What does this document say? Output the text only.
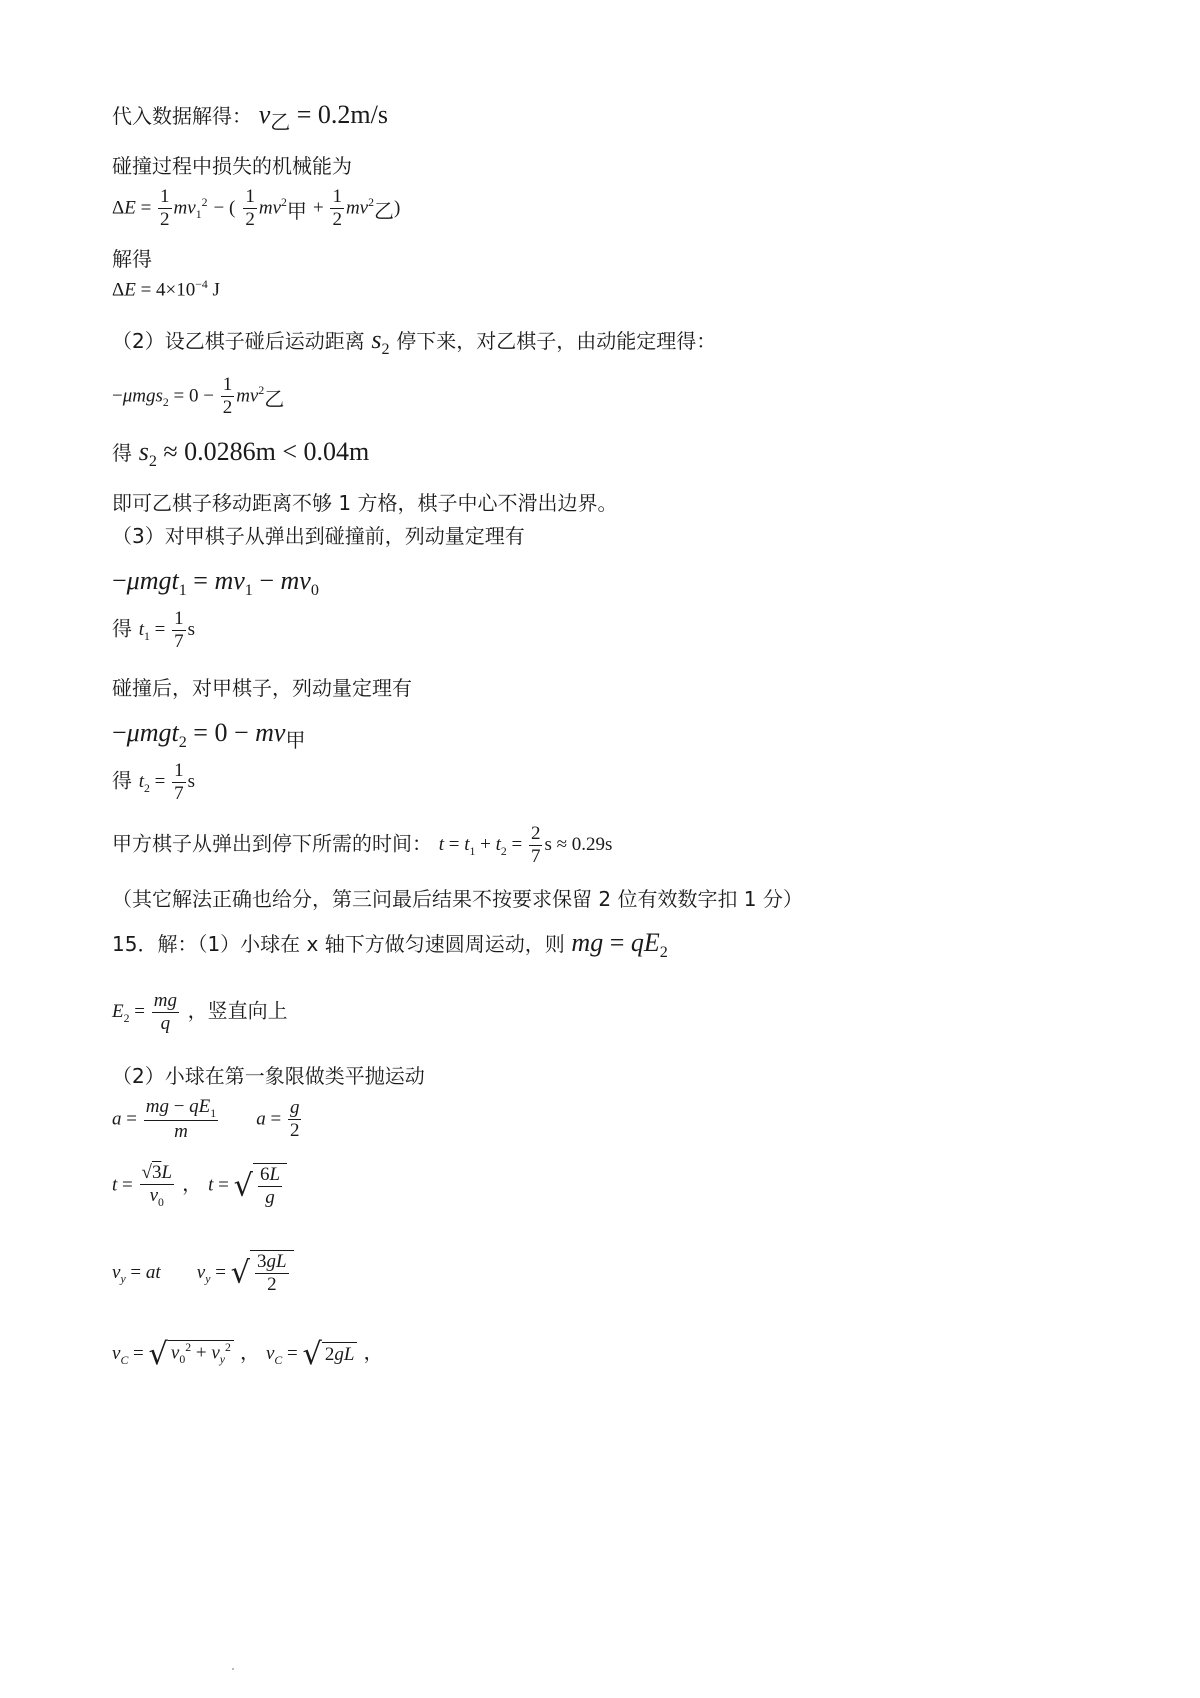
代入数据解得： $v_乙 = 0.2m/s$
碰撞过程中损失的机械能为
$\Delta E = \frac{1}{2} mv_1^2$ − ( $\frac{1}{2} mv^2_甲 + \frac{1}{2} mv^2_乙$)
解得
$\Delta E = 4\times 10^{-4}$ J
（2）设乙棋子碰后运动距离 $s_2$ 停下来，对乙棋子，由动能定理得：
$-\mu mgs_2 = 0 - \frac{1}{2} mv^2_乙$
得 $s_2 \approx 0.0286m < 0.04m$
即可乙棋子移动距离不够 1 方格，棋子中心不滑出边界。
（3）对甲棋子从弹出到碰撞前，列动量定理有
$-\mu mgt_1 = mv_1 - mv_0$
得 $t_1 = \frac{1}{7}$ s
碰撞后，对甲棋子，列动量定理有
$-\mu mgt_2 = 0 - mv_甲$
得 $t_2 = \frac{1}{7}$ s
甲方棋子从弹出到停下所需的时间： $t = t_1 + t_2 = \frac{2}{7}$ s ≈ 0.29s
（其它解法正确也给分，第三问最后结果不按要求保留 2 位有效数字扣 1 分）
15．解：（1）小球在 x 轴下方做匀速圆周运动，则 mg = $qE_2$
$E_2 = \frac{mg}{q}$ ，竖直向上
（2）小球在第一象限做类平抛运动
$a = \frac{mg - qE_1}{m}$ $a = \frac{g}{2}$
$t = \frac{√3L}{v_0}$ ， t = √ $\frac{6L}{g}$
$v_y$ = at $v_y$ = √ $\frac{3gL}{2}$
$v_C$ = √ $v_0^2 + v_y^2$ ， $v_C$ = √ 2gL ，
